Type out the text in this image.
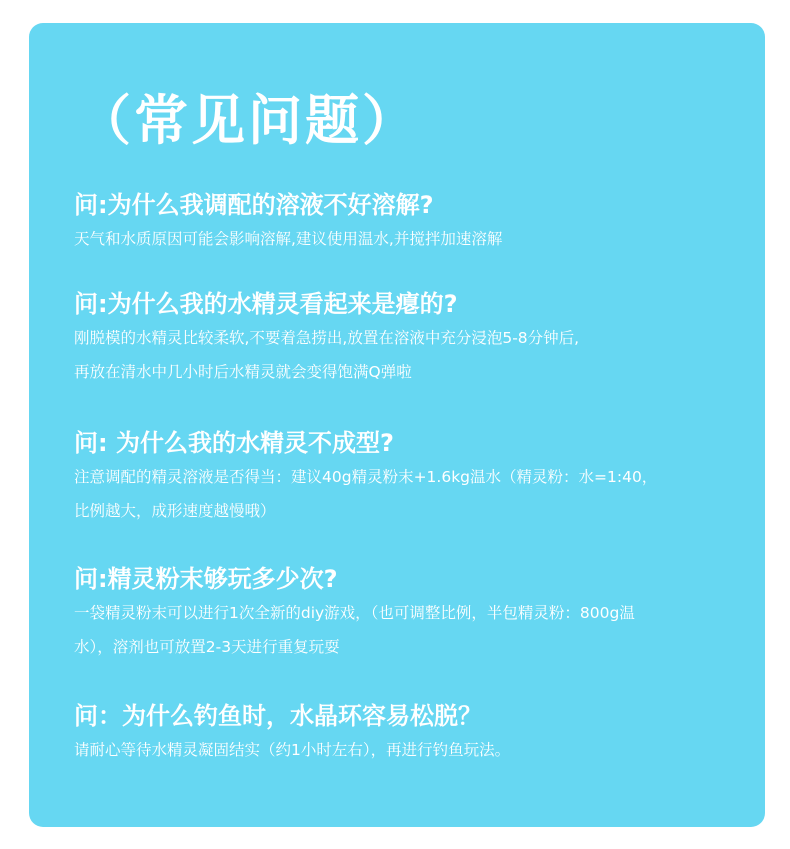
（常见问题）

问:为什么我调配的溶液不好溶解?

天气和水质原因可能会影响溶解,建议使用温水,并搅拌加速溶解

问:为什么我的水精灵看起来是瘪的?

刚脱模的水精灵比较柔软,不要着急捞出,放置在溶液中充分浸泡5-8分钟后,
再放在清水中几小时后水精灵就会变得饱满Q弹啦

问: 为什么我的水精灵不成型?

注意调配的精灵溶液是否得当：建议40g精灵粉末+1.6kg温水（精灵粉：水=1:40，
比例越大，成形速度越慢哦）

问:精灵粉末够玩多少次?

一袋精灵粉末可以进行1次全新的diy游戏，（也可调整比例，半包精灵粉：800g温
水），溶剂也可放置2-3天进行重复玩耍

问：为什么钓鱼时，水晶环容易松脱？

请耐心等待水精灵凝固结实（约1小时左右），再进行钓鱼玩法。
